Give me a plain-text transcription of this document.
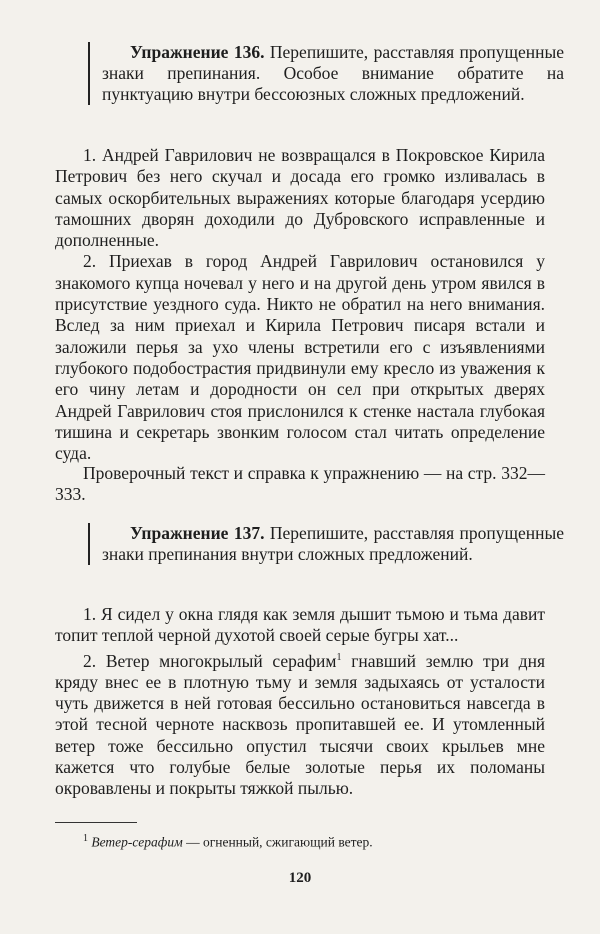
Упражнение 136. Перепишите, расставляя пропущенные знаки препинания. Особое внимание обратите на пунктуацию внутри бессоюзных сложных предложений.

1. Андрей Гаврилович не возвращался в Покровское Кирила Петрович без него скучал и досада его громко изливалась в самых оскорбительных выражениях которые благодаря усердию тамошних дворян доходили до Дубровского исправленные и дополненные.

2. Приехав в город Андрей Гаврилович остановился у знакомого купца ночевал у него и на другой день утром явился в присутствие уездного суда. Никто не обратил на него внимания. Вслед за ним приехал и Кирила Петрович писаря встали и заложили перья за ухо члены встретили его с изъявлениями глубокого подобострастия придвинули ему кресло из уважения к его чину летам и дородности он сел при открытых дверях Андрей Гаврилович стоя прислонился к стенке настала глубокая тишина и секретарь звонким голосом стал читать определение суда.

Проверочный текст и справка к упражнению — на стр. 332—333.
Упражнение 137. Перепишите, расставляя пропущенные знаки препинания внутри сложных предложений.

1. Я сидел у окна глядя как земля дышит тьмою и тьма давит топит теплой черной духотой своей серые бугры хат...

2. Ветер многокрылый серафим$^1$ гнавший землю три дня кряду внес ее в плотную тьму и земля задыхаясь от усталости чуть движется в ней готовая бессильно остановиться навсегда в этой тесной черноте насквозь пропитавшей ее. И утомленный ветер тоже бессильно опустил тысячи своих крыльев мне кажется что голубые белые золотые перья их поломаны окровавлены и покрыты тяжкой пылью.

$^1$ Ветер-серафим — огненный, сжигающий ветер.
120
